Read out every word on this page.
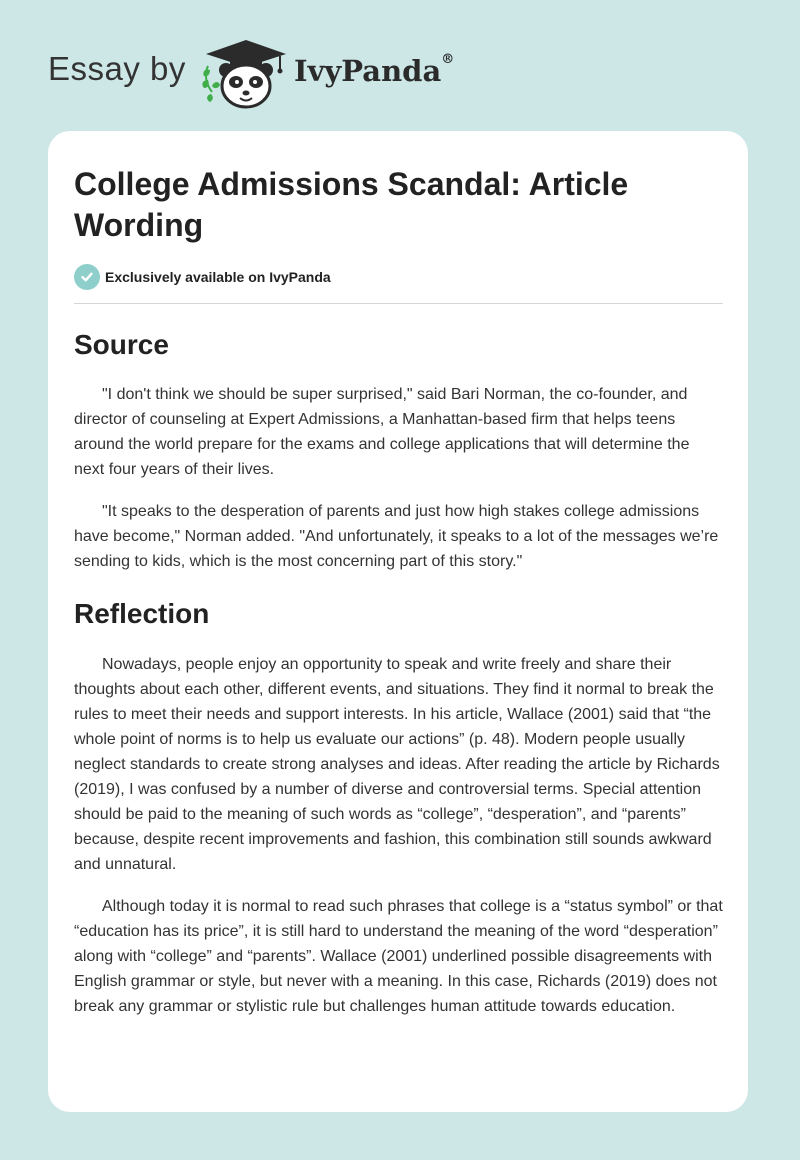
Essay by	IvyPanda®
College Admissions Scandal: Article Wording
Exclusively available on IvyPanda
Source

"I don't think we should be super surprised," said Bari Norman, the co-founder, and director of counseling at Expert Admissions, a Manhattan-based firm that helps teens around the world prepare for the exams and college applications that will determine the next four years of their lives.

"It speaks to the desperation of parents and just how high stakes college admissions have become," Norman added. "And unfortunately, it speaks to a lot of the messages we’re sending to kids, which is the most concerning part of this story."

Reflection

Nowadays, people enjoy an opportunity to speak and write freely and share their thoughts about each other, different events, and situations. They find it normal to break the rules to meet their needs and support interests. In his article, Wallace (2001) said that “the whole point of norms is to help us evaluate our actions” (p. 48). Modern people usually neglect standards to create strong analyses and ideas. After reading the article by Richards (2019), I was confused by a number of diverse and controversial terms. Special attention should be paid to the meaning of such words as “college”, “desperation”, and “parents” because, despite recent improvements and fashion, this combination still sounds awkward and unnatural.

Although today it is normal to read such phrases that college is a “status symbol” or that “education has its price”, it is still hard to understand the meaning of the word “desperation” along with “college” and “parents”. Wallace (2001) underlined possible disagreements with English grammar or style, but never with a meaning. In this case, Richards (2019) does not break any grammar or stylistic rule but challenges human attitude towards education.
